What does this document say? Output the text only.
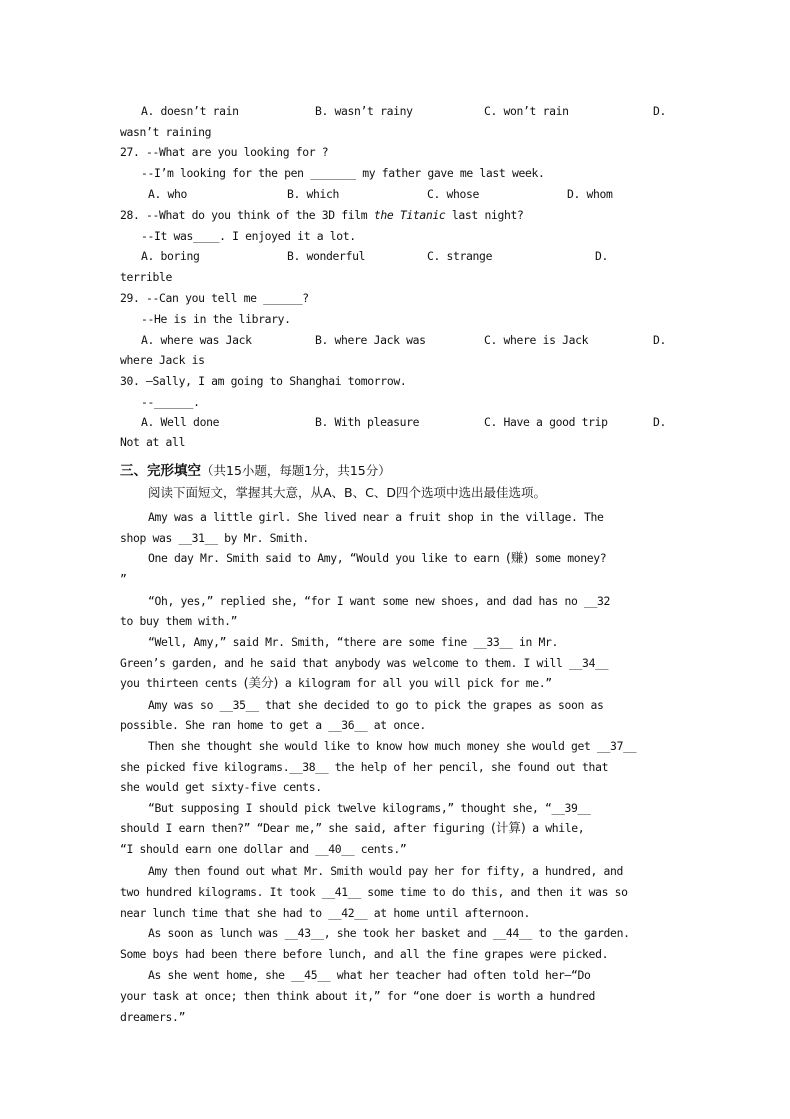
A. doesn’t rain	B. wasn’t rainy	C. won’t rain	D.
wasn’t raining
27. --What are you looking for ?
--I’m looking for the pen _______ my father gave me last week.
A. who	B. which	C. whose	D. whom
28. --What do you think of the 3D film the Titanic last night?
--It was____. I enjoyed it a lot.
A. boring	B. wonderful	C. strange	D.
terrible
29. --Can you tell me ______?
--He is in the library.
A. where was Jack	B. where Jack was	C. where is Jack	D.
where Jack is
30. –Sally, I am going to Shanghai tomorrow.
--______.
A. Well done	B. With pleasure	C. Have a good trip	D.
Not at all
三、完形填空（共15小题，每题1分，共15分）
阅读下面短文，掌握其大意，从A、B、C、D四个选项中选出最佳选项。
Amy was a little girl. She lived near a fruit shop in the village. The
shop was __31__ by Mr. Smith.
One day Mr. Smith said to Amy, “Would you like to earn (赚) some money?
”
“Oh, yes,” replied she, “for I want some new shoes, and dad has no __32
to buy them with.”
“Well, Amy,” said Mr. Smith, “there are some fine __33__ in Mr.
Green’s garden, and he said that anybody was welcome to them. I will __34__
you thirteen cents (美分) a kilogram for all you will pick for me.”
Amy was so __35__ that she decided to go to pick the grapes as soon as
possible. She ran home to get a __36__ at once.
Then she thought she would like to know how much money she would get __37__
she picked five kilograms.__38__ the help of her pencil, she found out that
she would get sixty-five cents.
“But supposing I should pick twelve kilograms,” thought she, “__39__
should I earn then?” “Dear me,” she said, after figuring (计算) a while,
“I should earn one dollar and __40__ cents.”
Amy then found out what Mr. Smith would pay her for fifty, a hundred, and
two hundred kilograms. It took __41__ some time to do this, and then it was so
near lunch time that she had to __42__ at home until afternoon.
As soon as lunch was __43__, she took her basket and __44__ to the garden.
Some boys had been there before lunch, and all the fine grapes were picked.
As she went home, she __45__ what her teacher had often told her—“Do
your task at once; then think about it,” for “one doer is worth a hundred
dreamers.”
